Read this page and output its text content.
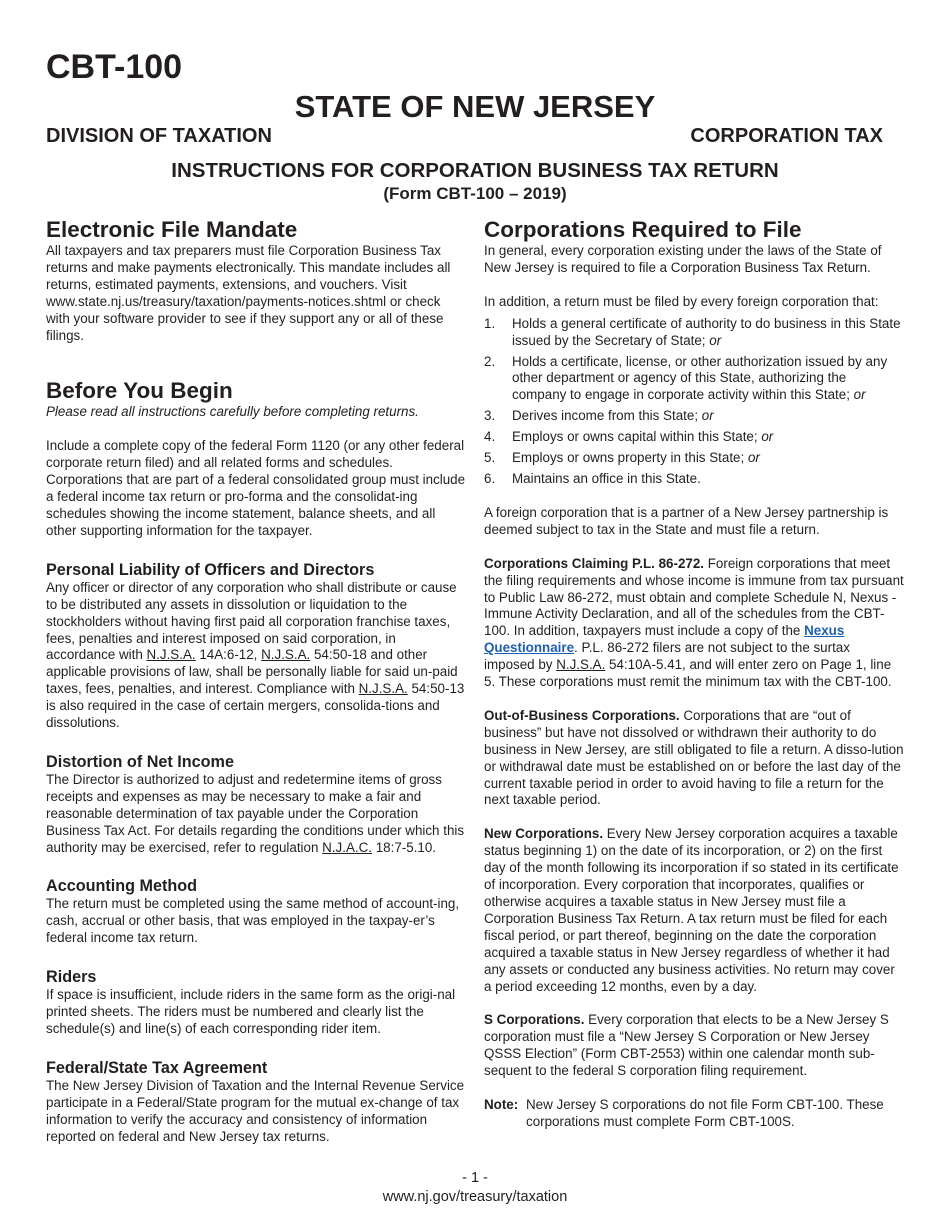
CBT-100
STATE OF NEW JERSEY
DIVISION OF TAXATION	CORPORATION TAX
INSTRUCTIONS FOR CORPORATION BUSINESS TAX RETURN
(Form CBT-100 – 2019)
Electronic File Mandate

All taxpayers and tax preparers must file Corporation Business Tax returns and make payments electronically. This mandate includes all returns, estimated payments, extensions, and vouchers. Visit www.state.nj.us/treasury/taxation/payments-notices.shtml or check with your software provider to see if they support any or all of these filings.

Before You Begin

Please read all instructions carefully before completing returns.

Include a complete copy of the federal Form 1120 (or any other federal corporate return filed) and all related forms and schedules. Corporations that are part of a federal consolidated group must include a federal income tax return or pro-forma and the consolidat-ing schedules showing the income statement, balance sheets, and all other supporting information for the taxpayer.

Personal Liability of Officers and Directors

Any officer or director of any corporation who shall distribute or cause to be distributed any assets in dissolution or liquidation to the stockholders without having first paid all corporation franchise taxes, fees, penalties and interest imposed on said corporation, in accordance with N.J.S.A. 14A:6-12, N.J.S.A. 54:50-18 and other applicable provisions of law, shall be personally liable for said un-paid taxes, fees, penalties, and interest. Compliance with N.J.S.A. 54:50-13 is also required in the case of certain mergers, consolida-tions and dissolutions.

Distortion of Net Income

The Director is authorized to adjust and redetermine items of gross receipts and expenses as may be necessary to make a fair and reasonable determination of tax payable under the Corporation Business Tax Act. For details regarding the conditions under which this authority may be exercised, refer to regulation N.J.A.C. 18:7-5.10.

Accounting Method

The return must be completed using the same method of account-ing, cash, accrual or other basis, that was employed in the taxpay-er’s federal income tax return.

Riders

If space is insufficient, include riders in the same form as the origi-nal printed sheets. The riders must be numbered and clearly list the schedule(s) and line(s) of each corresponding rider item.

Federal/State Tax Agreement

The New Jersey Division of Taxation and the Internal Revenue Service participate in a Federal/State program for the mutual ex-change of tax information to verify the accuracy and consistency of information reported on federal and New Jersey tax returns.

Corporations Required to File

In general, every corporation existing under the laws of the State of New Jersey is required to file a Corporation Business Tax Return.

In addition, a return must be filed by every foreign corporation that:

1. Holds a general certificate of authority to do business in this State issued by the Secretary of State; or
2. Holds a certificate, license, or other authorization issued by any other department or agency of this State, authorizing the company to engage in corporate activity within this State; or
3. Derives income from this State; or
4. Employs or owns capital within this State; or
5. Employs or owns property in this State; or
6. Maintains an office in this State.

A foreign corporation that is a partner of a New Jersey partnership is deemed subject to tax in the State and must file a return.

Corporations Claiming P.L. 86-272. Foreign corporations that meet the filing requirements and whose income is immune from tax pursuant to Public Law 86-272, must obtain and complete Schedule N, Nexus - Immune Activity Declaration, and all of the schedules from the CBT-100. In addition, taxpayers must include a copy of the Nexus Questionnaire. P.L. 86-272 filers are not subject to the surtax imposed by N.J.S.A. 54:10A-5.41, and will enter zero on Page 1, line 5. These corporations must remit the minimum tax with the CBT-100.

Out-of-Business Corporations. Corporations that are “out of business” but have not dissolved or withdrawn their authority to do business in New Jersey, are still obligated to file a return. A disso-lution or withdrawal date must be established on or before the last day of the current taxable period in order to avoid having to file a return for the next taxable period.

New Corporations. Every New Jersey corporation acquires a taxable status beginning 1) on the date of its incorporation, or 2) on the first day of the month following its incorporation if so stated in its certificate of incorporation. Every corporation that incorporates, qualifies or otherwise acquires a taxable status in New Jersey must file a Corporation Business Tax Return. A tax return must be filed for each fiscal period, or part thereof, beginning on the date the corporation acquired a taxable status in New Jersey regardless of whether it had any assets or conducted any business activities. No return may cover a period exceeding 12 months, even by a day.

S Corporations. Every corporation that elects to be a New Jersey S corporation must file a “New Jersey S Corporation or New Jersey QSSS Election” (Form CBT-2553) within one calendar month sub-sequent to the federal S corporation filing requirement.

Note: New Jersey S corporations do not file Form CBT-100. These corporations must complete Form CBT-100S.
- 1 -
www.nj.gov/treasury/taxation
